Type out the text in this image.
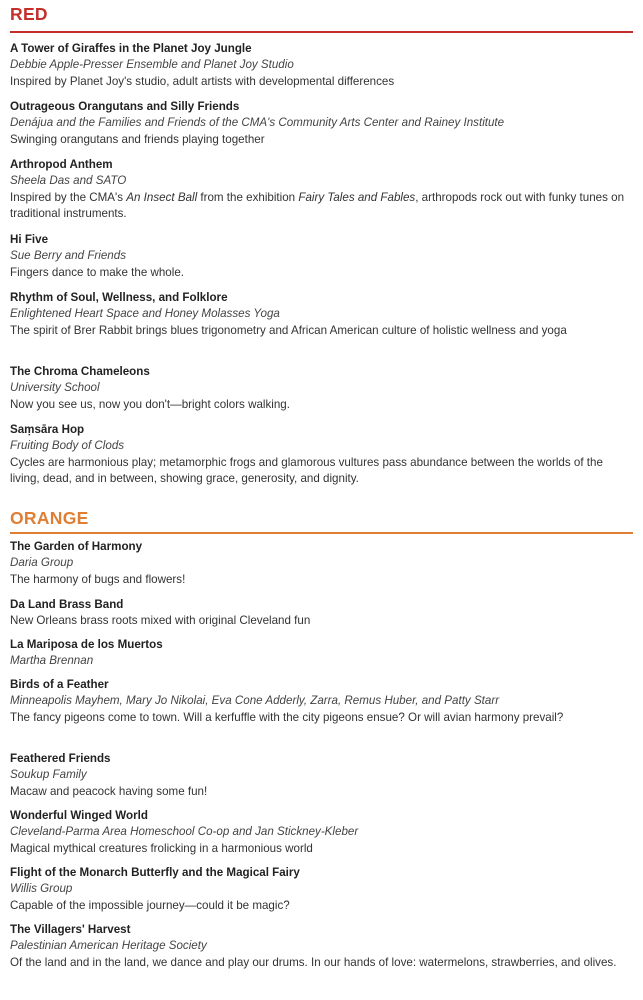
RED

A Tower of Giraffes in the Planet Joy Jungle

Debbie Apple-Presser Ensemble and Planet Joy Studio

Inspired by Planet Joy's studio, adult artists with developmental differences

Outrageous Orangutans and Silly Friends

Denájua and the Families and Friends of the CMA's Community Arts Center and Rainey Institute

Swinging orangutans and friends playing together

Arthropod Anthem

Sheela Das and SATO

Inspired by the CMA's An Insect Ball from the exhibition Fairy Tales and Fables, arthropods rock out with funky tunes on traditional instruments.

Hi Five

Sue Berry and Friends

Fingers dance to make the whole.

Rhythm of Soul, Wellness, and Folklore

Enlightened Heart Space and Honey Molasses Yoga

The spirit of Brer Rabbit brings blues trigonometry and African American culture of holistic wellness and yoga

The Chroma Chameleons

University School

Now you see us, now you don't—bright colors walking.

Saṃsāra Hop

Fruiting Body of Clods

Cycles are harmonious play; metamorphic frogs and glamorous vultures pass abundance between the worlds of the living, dead, and in between, showing grace, generosity, and dignity.

ORANGE

The Garden of Harmony

Daria Group

The harmony of bugs and flowers!

Da Land Brass Band

New Orleans brass roots mixed with original Cleveland fun

La Mariposa de los Muertos

Martha Brennan

Birds of a Feather

Minneapolis Mayhem, Mary Jo Nikolai, Eva Cone Adderly, Zarra, Remus Huber, and Patty Starr

The fancy pigeons come to town. Will a kerfuffle with the city pigeons ensue? Or will avian harmony prevail?

Feathered Friends

Soukup Family

Macaw and peacock having some fun!

Wonderful Winged World

Cleveland-Parma Area Homeschool Co-op and Jan Stickney-Kleber

Magical mythical creatures frolicking in a harmonious world

Flight of the Monarch Butterfly and the Magical Fairy

Willis Group

Capable of the impossible journey—could it be magic?

The Villagers' Harvest

Palestinian American Heritage Society

Of the land and in the land, we dance and play our drums. In our hands of love: watermelons, strawberries, and olives.
